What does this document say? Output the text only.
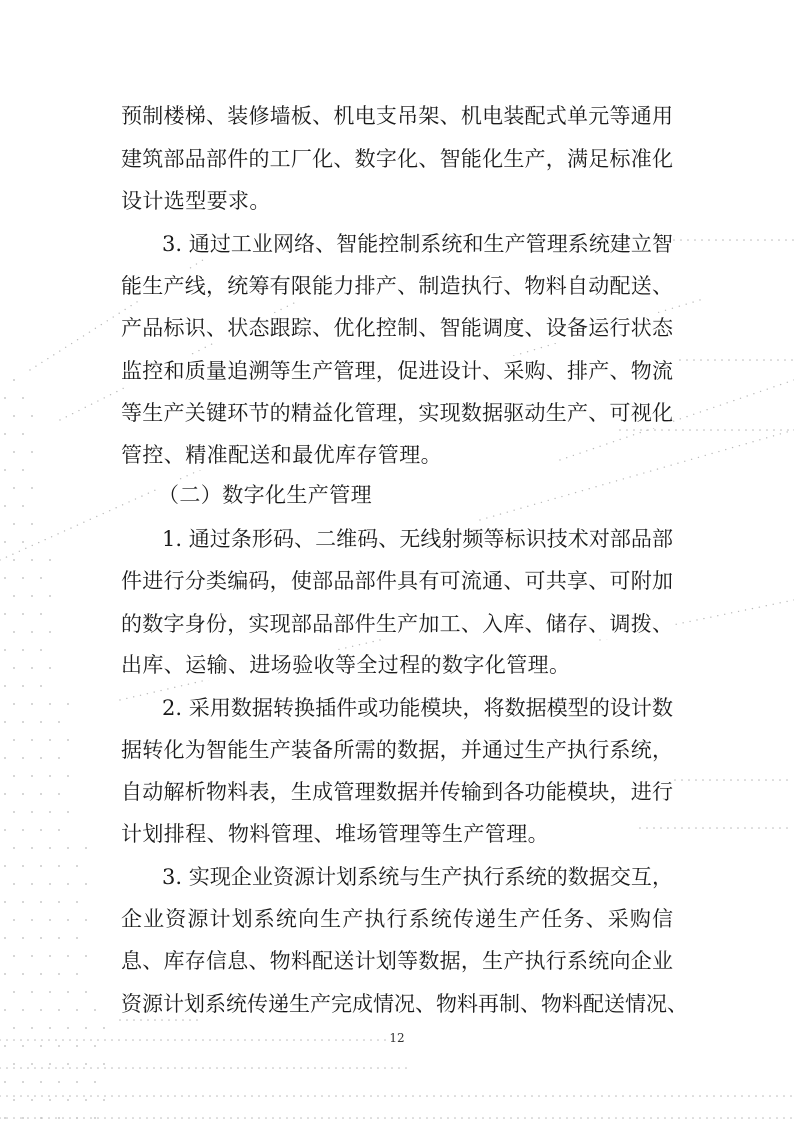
预制楼梯、装修墙板、机电支吊架、机电装配式单元等通用
建筑部品部件的工厂化、数字化、智能化生产，满足标准化
设计选型要求。
3. 通过工业网络、智能控制系统和生产管理系统建立智
能生产线，统筹有限能力排产、制造执行、物料自动配送、
产品标识、状态跟踪、优化控制、智能调度、设备运行状态
监控和质量追溯等生产管理，促进设计、采购、排产、物流
等生产关键环节的精益化管理，实现数据驱动生产、可视化
管控、精准配送和最优库存管理。
（二）数字化生产管理
1. 通过条形码、二维码、无线射频等标识技术对部品部
件进行分类编码，使部品部件具有可流通、可共享、可附加
的数字身份，实现部品部件生产加工、入库、储存、调拨、
出库、运输、进场验收等全过程的数字化管理。
2. 采用数据转换插件或功能模块，将数据模型的设计数
据转化为智能生产装备所需的数据，并通过生产执行系统，
自动解析物料表，生成管理数据并传输到各功能模块，进行
计划排程、物料管理、堆场管理等生产管理。
3. 实现企业资源计划系统与生产执行系统的数据交互，
企业资源计划系统向生产执行系统传递生产任务、采购信
息、库存信息、物料配送计划等数据，生产执行系统向企业
资源计划系统传递生产完成情况、物料再制、物料配送情况、
12
